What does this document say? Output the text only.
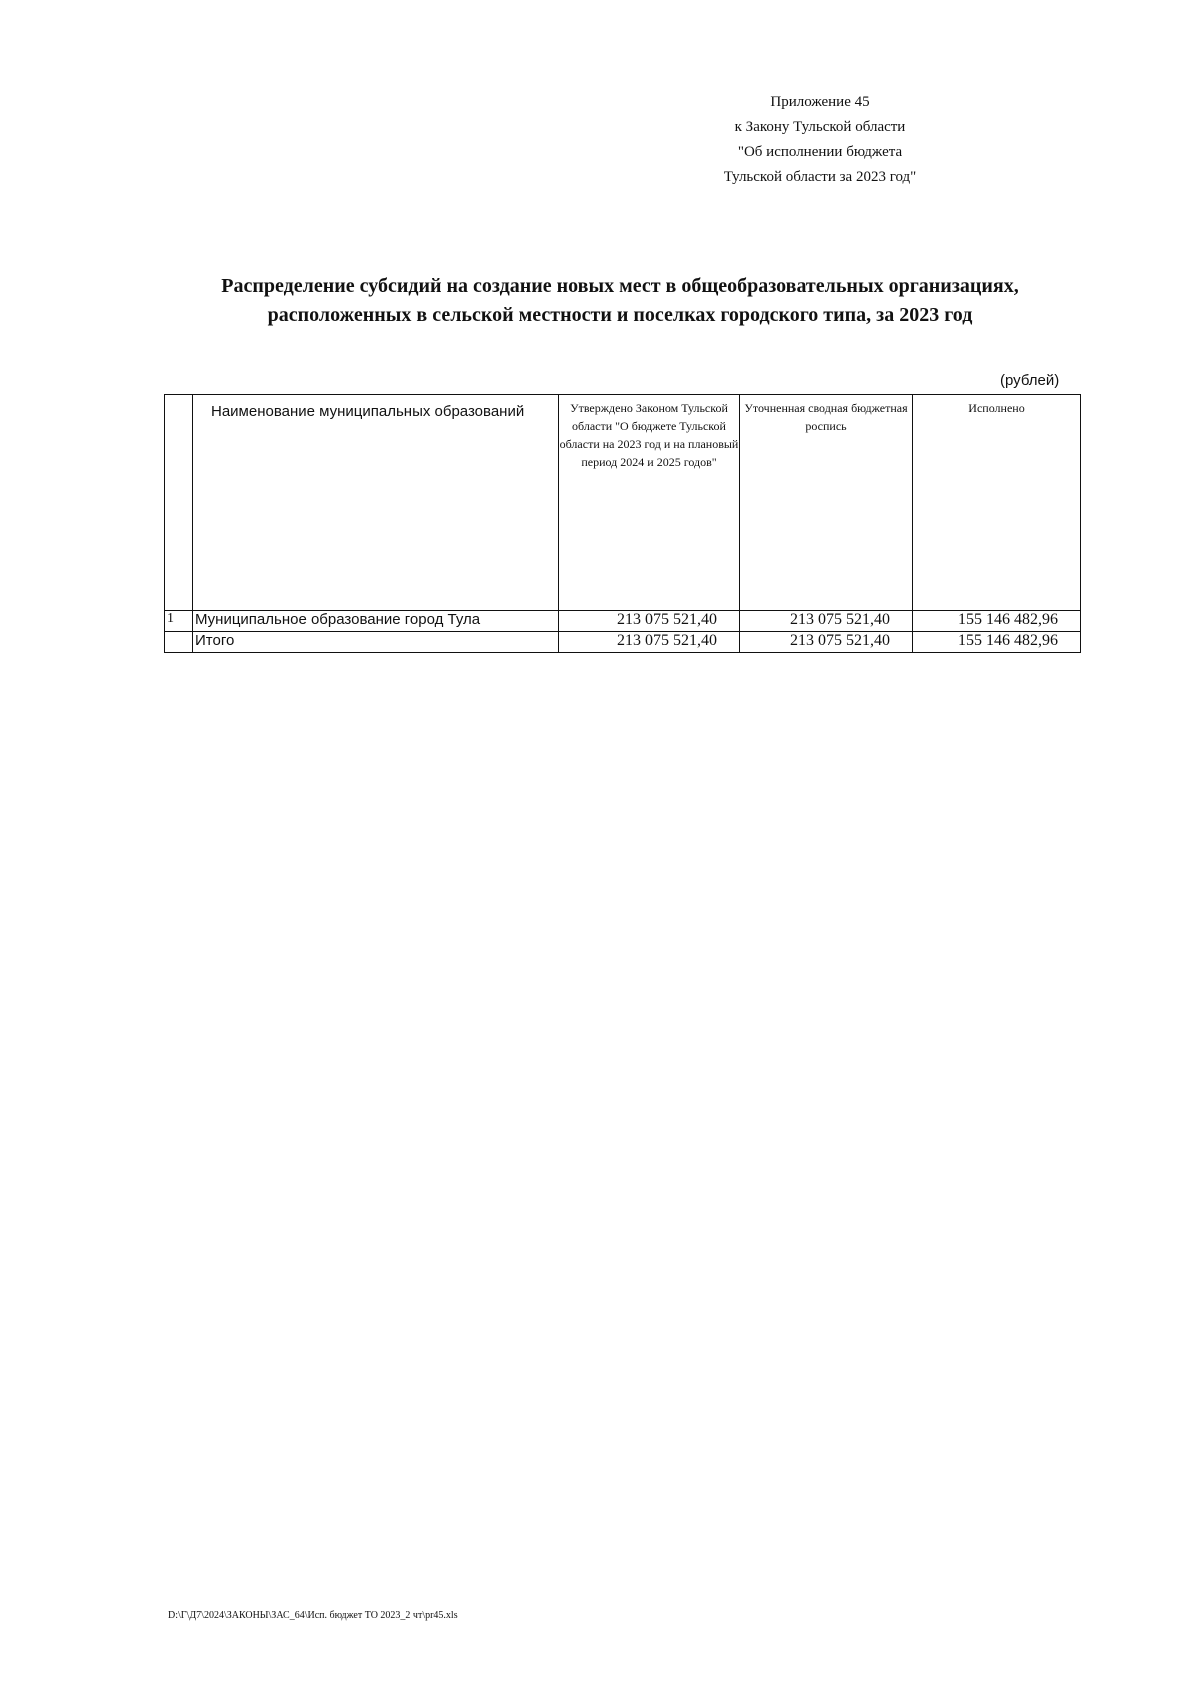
Приложение 45
к Закону Тульской области
"Об исполнении бюджета
Тульской области за 2023 год"
Распределение субсидий на создание новых мест в общеобразовательных организациях,
расположенных в сельской местности и поселках городского типа, за 2023 год
(рублей)
	Наименование муниципальных образований	Утверждено Законом Тульской области "О бюджете Тульской области на 2023 год и на плановый период 2024 и 2025 годов"	Уточненная сводная бюджетная роспись	Исполнено
1	Муниципальное образование город Тула	213 075 521,40	213 075 521,40	155 146 482,96
	Итого	213 075 521,40	213 075 521,40	155 146 482,96
D:\Г\Д7\2024\ЗАКОНЫ\ЗАС_64\Исп. бюджет ТО 2023_2 чт\pr45.xls
